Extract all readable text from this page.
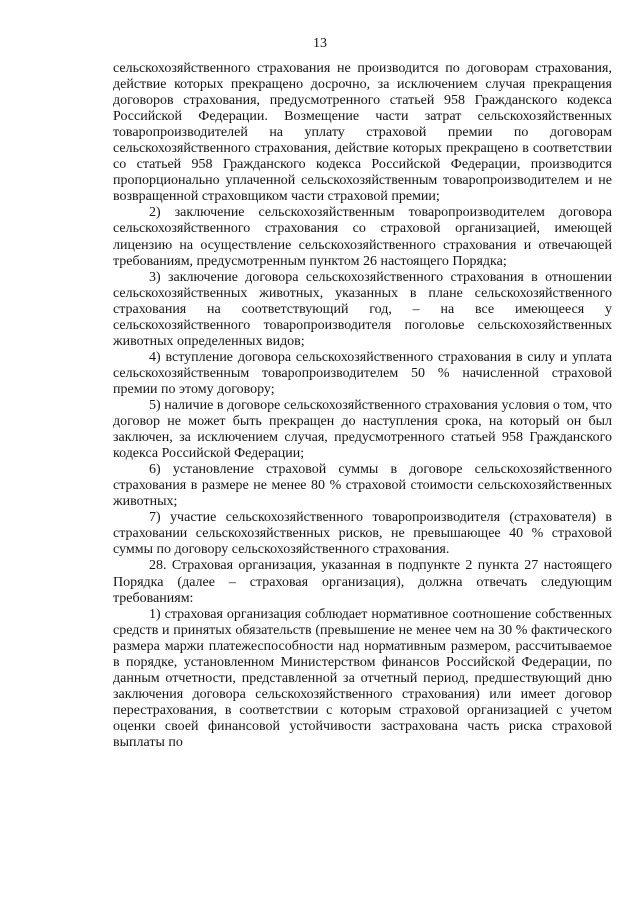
13

сельскохозяйственного страхования не производится по договорам страхования, действие которых прекращено досрочно, за исключением случая прекращения договоров страхования, предусмотренного статьей 958 Гражданского кодекса Российской Федерации. Возмещение части затрат сельскохозяйственных товаропроизводителей на уплату страховой премии по договорам сельскохозяйственного страхования, действие которых прекращено в соответствии со статьей 958 Гражданского кодекса Российской Федерации, производится пропорционально уплаченной сельскохозяйственным товаропроизводителем и не возвращенной страховщиком части страховой премии;

2) заключение сельскохозяйственным товаропроизводителем договора сельскохозяйственного страхования со страховой организацией, имеющей лицензию на осуществление сельскохозяйственного страхования и отвечающей требованиям, предусмотренным пунктом 26 настоящего Порядка;

3) заключение договора сельскохозяйственного страхования в отношении сельскохозяйственных животных, указанных в плане сельскохозяйственного страхования на соответствующий год, – на все имеющееся у сельскохозяйственного товаропроизводителя поголовье сельскохозяйственных животных определенных видов;

4) вступление договора сельскохозяйственного страхования в силу и уплата сельскохозяйственным товаропроизводителем 50 % начисленной страховой премии по этому договору;

5) наличие в договоре сельскохозяйственного страхования условия о том, что договор не может быть прекращен до наступления срока, на который он был заключен, за исключением случая, предусмотренного статьей 958 Гражданского кодекса Российской Федерации;

6) установление страховой суммы в договоре сельскохозяйственного страхования в размере не менее 80 % страховой стоимости сельскохозяйственных животных;

7) участие сельскохозяйственного товаропроизводителя (страхователя) в страховании сельскохозяйственных рисков, не превышающее 40 % страховой суммы по договору сельскохозяйственного страхования.

28. Страховая организация, указанная в подпункте 2 пункта 27 настоящего Порядка (далее – страховая организация), должна отвечать следующим требованиям:

1) страховая организация соблюдает нормативное соотношение собственных средств и принятых обязательств (превышение не менее чем на 30 % фактического размера маржи платежеспособности над нормативным размером, рассчитываемое в порядке, установленном Министерством финансов Российской Федерации, по данным отчетности, представленной за отчетный период, предшествующий дню заключения договора сельскохозяйственного страхования) или имеет договор перестрахования, в соответствии с которым страховой организацией с учетом оценки своей финансовой устойчивости застрахована часть риска страховой выплаты по
